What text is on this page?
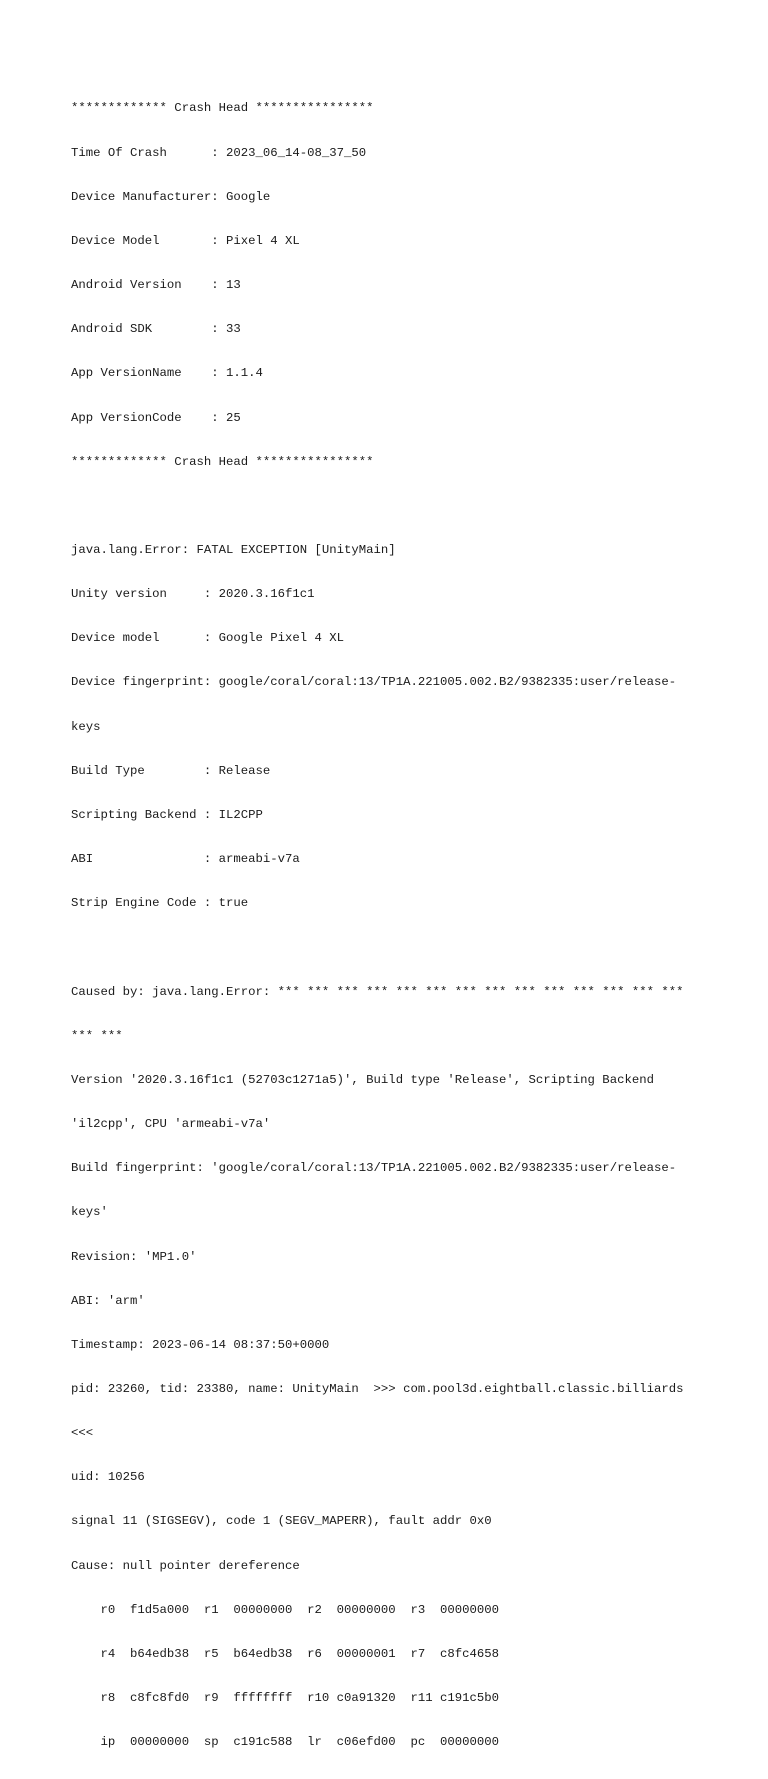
************* Crash Head ****************

Time Of Crash      : 2023_06_14-08_37_50

Device Manufacturer: Google

Device Model       : Pixel 4 XL

Android Version    : 13

Android SDK        : 33

App VersionName    : 1.1.4

App VersionCode    : 25

************* Crash Head ****************

java.lang.Error: FATAL EXCEPTION [UnityMain]

Unity version     : 2020.3.16f1c1

Device model      : Google Pixel 4 XL

Device fingerprint: google/coral/coral:13/TP1A.221005.002.B2/9382335:user/release-

keys

Build Type        : Release

Scripting Backend : IL2CPP

ABI               : armeabi-v7a

Strip Engine Code : true

Caused by: java.lang.Error: *** *** *** *** *** *** *** *** *** *** *** *** *** ***

*** ***

Version '2020.3.16f1c1 (52703c1271a5)', Build type 'Release', Scripting Backend

'il2cpp', CPU 'armeabi-v7a'

Build fingerprint: 'google/coral/coral:13/TP1A.221005.002.B2/9382335:user/release-

keys'

Revision: 'MP1.0'

ABI: 'arm'

Timestamp: 2023-06-14 08:37:50+0000

pid: 23260, tid: 23380, name: UnityMain  >>> com.pool3d.eightball.classic.billiards

<<<

uid: 10256

signal 11 (SIGSEGV), code 1 (SEGV_MAPERR), fault addr 0x0

Cause: null pointer dereference

r0  f1d5a000  r1  00000000  r2  00000000  r3  00000000

r4  b64edb38  r5  b64edb38  r6  00000001  r7  c8fc4658

r8  c8fc8fd0  r9  ffffffff  r10 c0a91320  r11 c191c5b0

ip  00000000  sp  c191c588  lr  c06efd00  pc  00000000
